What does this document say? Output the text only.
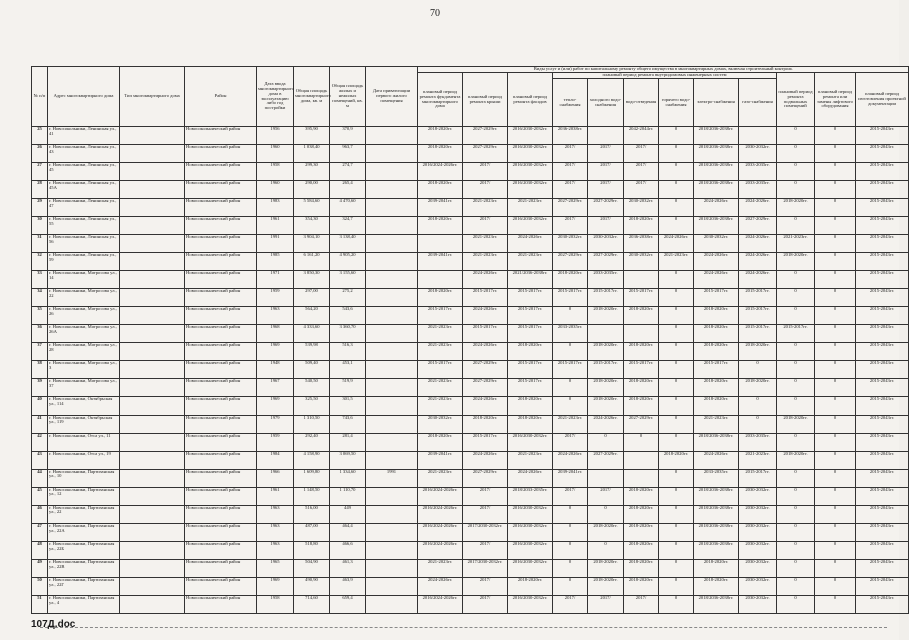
70
№ п/п	Адрес многоквартирного дома	Тип многоквартирного дома	Район	Дата ввода многоквартирного дома в эксплуатацию либо год постройки	Общая площадь многоквартирного дома, кв. м	Общая площадь жилых и нежилых помещений, кв. м	Дата приватизации первого жилого помещения	Виды услуг и (или) работ по капитальному ремонту общего имущества в многоквартирных домах, включая строительный контроль											
								плановый период ремонта фундамента многоквартирного дома	плановый период ремонта крыши	плановый период ремонта фасадов	плановый период ремонта внутридомовых инженерных систем						плановый период ремонта подвальных помещений	плановый период ремонта или замены лифтового оборудования	плановый период изготовления проектной документации
											тепло-снабжения	холодного водо-снабжения	водо-отведения	горячего водо-снабжения	электро-снабжения	газо-снабжения			
25	г. Новосокольники, Ленинская ул., 41		Новосокольнический район	1956	395,90	370,9		2018-2020гг.	2027-2029гг.	2016/2030-2032гг.	2036-2038гг.		2042-2044гг.	0	2018/2036-2038гг.		0	0	2015-2043гг.
26	г. Новосокольники, Ленинская ул., 43		Новосокольнический район	1960	1 038,40	963,7		2018-2020гг.	2027-2029гг.	2016/2030-2032гг.	2017/	2017/	2017/	0	2018/2036-2038гг.	2030-2032гг.	0	0	2015-2043гг.
27	г. Новосокольники, Ленинская ул., 45		Новосокольнический район	1958	299,30	274,7		2016/2024-2026гг.	2017/	2016/2030-2032гг.	2017/	2017/	2017/	0	2018/2036-2038гг.	2033-2035гг.	0	0	2015-2043гг.
28	г. Новосокольники, Ленинская ул., 45А		Новосокольнический район	1960	290,00	265,4		2018-2020гг.	2017/	2016/2030-2032гг.	2017/	2017/	2017/	0	2018/2036-2038гг.	2033-2035гг.	0	0	2015-2043гг.
29	г. Новосокольники, Ленинская ул., 47		Новосокольнический район	1983	5 584,60	4 470,60		2039-2041гг.	2021-2023гг.	2021-2023гг.	2027-2029гг.	2027-2029гг.	2030-2032гг.	0	2024-2026гг.	2024-2026гг.	2018-2020гг.	0	2015-2043гг.
30	г. Новосокольники, Ленинская ул., 55		Новосокольнический район	1961	354,30	324,7		2018-2020гг.	2017/	2016/2030-2032гг.	2017/	2017/	2018-2020гг.	0	2018/2036-2038гг.	2027-2029гг.	0	0	2015-2043гг.
31	г. Новосокольники, Ленинская ул., 56		Новосокольнический район	1991	3 904,10	3 138,40			2021-2023гг.	2024-2026гг.	2030-2032гг.	2030-2032гг.	2036-2038гг.	2024-2026гг.	2030-2032гг.	2024-2026гг.	2021-2023гг.	0	2015-2043гг.
32	г. Новосокольники, Ленинская ул., 59		Новосокольнический район	1985	6 161,20	4 905,20		2039-2041гг.	2021-2023гг.	2021-2023гг.	2027-2029гг.	2027-2029гг.	2030-2032гг.	2021-2023гг.	2024-2026гг.	2024-2026гг.	2018-2020гг.	0	2015-2043гг.
33	г. Новосокольники, Матросова ул., 14		Новосокольнический район	1971	3 850,30	3 155,60			2024-2026гг.	2021/2036-2038гг.	2018-2020гг.	2033-2035гг.		0	2024-2026гг.	2024-2026гг.	0	0	2015-2043гг.
34	г. Новосокольники, Матросова ул., 22		Новосокольнический район	1959	297,00	275,2		2018-2020гг.	2015-2017гг.	2015-2017гг.	2015-2017гг.	2015-2017гг.	2015-2017гг.	0	2015-2017гг.	2015-2017гг.	0	0	2015-2043гг.
35	г. Новосокольники, Матросова ул., 26		Новосокольнический район	1963	564,20	543,6		2015-2017гг.	2024-2026гг.	2015-2017гг.	0	2018-2020гг.	2018-2020гг.	0	2018-2020гг.	2015-2017гг.	0	0	2015-2043гг.
36	г. Новосокольники, Матросова ул., 26А		Новосокольнический район	1968	4 333,60	3 360,70		2021-2023гг.	2015-2017гг.	2015-2017гг.	2033-2035гг.			0	2018-2020гг.	2015-2017гг.	2015-2017гг.	0	2015-2043гг.
37	г. Новосокольники, Матросова ул., 28		Новосокольнический район	1969	539,98	516,3		2021-2023гг.	2024-2026гг.	2018-2020гг.	0	2018-2020гг.	2018-2020гг.	0	2018-2020гг.	2018-2020гг.	0	0	2015-2043гг.
38	г. Новосокольники, Матросова ул., 3		Новосокольнический район	1948	509,40	453,1		2015-2017гг.	2027-2029гг.	2015-2017гг.	2015-2017гг.	2015-2017гг.	2015-2017гг.	0	2015-2017гг.	0	0	0	2015-2043гг.
39	г. Новосокольники, Матросова ул., 37		Новосокольнический район	1967	540,50	519,9		2021-2023гг.	2027-2029гг.	2015-2017гг.	0	2018-2020гг.	2018-2020гг.	0	2018-2020гг.	2018-2020гг.	0	0	2015-2043гг.
40	г. Новосокольники, Октябрьская ул., 114		Новосокольнический район	1969	325,50	301,5		2021-2023гг.	2024-2026гг.	2018-2020гг.	0	2018-2020гг.	2018-2020гг.	0	2018-2020гг.	0	0	0	2015-2043гг.
41	г. Новосокольники, Октябрьская ул., 119		Новосокольнический район	1979	1 310,50	743,6		2030-2032гг.	2018-2020гг.	2018-2020гг.	2021-2023гг.	2024-2026гг.	2027-2029гг.	0	2021-2023гг.	0	2018-2020гг.	0	2015-2043гг.
42	г. Новосокольники, Отса ул., 11		Новосокольнический район	1959	292,40	281,4		2018-2020гг.	2015-2017гг.	2016/2030-2032гг.	2017/	0	0	0	2018/2036-2038гг.	2033-2035гг.	0	0	2015-2043гг.
43	г. Новосокольники, Отса ул., 19		Новосокольнический район	1984	4 158,90	3 069,50		2039-2041гг.	2024-2026гг.	2021-2023гг.	2024-2026гг.	2027-2029гг.		2018-2020гг.	2024-2026гг.	2021-2023гг.	2018-2020гг.	0	2015-2043гг.
44	г. Новосокольники, Партизанская ул., 10		Новосокольнический район	1966	1 609,80	1 334,60	1991	2021-2023гг.	2027-2029гг.	2024-2026гг.	2039-2041гг.			0	2033-2035гг.	2015-2017гг.	0	0	2015-2043гг.
45	г. Новосокольники, Партизанская ул., 12		Новосокольнический район	1961	1 148,50	1 110,70		2016/2024-2026гг.	2017/	2018/2033-2035гг.	2017/	2017/	2018-2020гг.	0	2018/2036-2038гг.	2030-2032гг.	0	0	2015-2043гг.
46	г. Новосокольники, Партизанская ул., 22		Новосокольнический район	1963	516,00	449		2016/2024-2026гг.	2017/	2016/2030-2032гг.	0	0	2018-2020гг.	0	2018/2036-2038гг.	2030-2032гг.	0	0	2015-2043гг.
47	г. Новосокольники, Партизанская ул., 22А		Новосокольнический район	1963	487,00	464,4		2016/2024-2026гг.	2017/2030-2032гг.	2016/2030-2032гг.	0	2018-2020гг.	2018-2020гг.	0	2018/2036-2038гг.	2030-2032гг.	0	0	2015-2043гг.
48	г. Новосокольники, Партизанская ул., 22Б		Новосокольнический район	1963	518,80	466,6		2016/2024-2026гг.	2017/	2016/2030-2032гг.	0	0	2018-2020гг.	0	2018/2036-2038гг.	2030-2032гг.	0	0	2015-2043гг.
49	г. Новосокольники, Партизанская ул., 22В		Новосокольнический район	1965	504,90	461,3		2021-2023гг.	2017/2030-2032гг.	2016/2030-2032гг.	0	2018-2020гг.	2018-2020гг.	0	2018-2020гг.	2030-2032гг.	0	0	2015-2043гг.
50	г. Новосокольники, Партизанская ул., 22Г		Новосокольнический район	1969	490,90	463,9		2024-2026гг.	2017/	2018-2020гг.	0	2018-2020гг.	2018-2020гг.	0	2018-2020гг.	2030-2032гг.	0	0	2015-2043гг.
51	г. Новосокольники, Партизанская ул., 4		Новосокольнический район	1958	714,60	659,4		2016/2024-2026гг.	2017/	2016/2030-2032гг.	2017/	2017/	2017/	0	2018/2036-2038гг.	2030-2032гг.	0	0	2015-2043гг.
107Д.doc
